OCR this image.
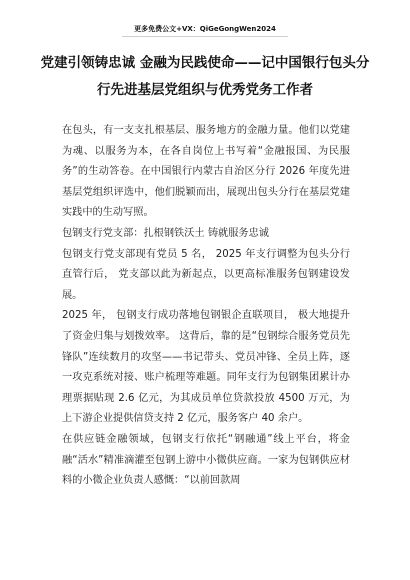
更多免费公文+VX：QiGeGongWen2024
党建引领铸忠诚 金融为民践使命——记中国银行包头分行先进基层党组织与优秀党务工作者

在包头，有一支支扎根基层、服务地方的金融力量。他们以党建为魂、以服务为本，在各自岗位上书写着“金融报国、为民服务”的生动答卷。在中国银行内蒙古自治区分行 2026 年度先进基层党组织评选中，他们脱颖而出，展现出包头分行在基层党建实践中的生动写照。

包钢支行党支部：扎根钢铁沃土 铸就服务忠诚

包钢支行党支部现有党员 5 名， 2025 年支行调整为包头分行直管行后， 党支部以此为新起点，以更高标准服务包钢建设发展。

2025 年， 包钢支行成功落地包钢银企直联项目， 极大地提升了资金归集与划拨效率。 这背后，靠的是“包钢综合服务党员先锋队”连续数月的攻坚——书记带头、党员冲锋、全员上阵，逐一攻克系统对接、账户梳理等难题。同年支行为包钢集团累计办理票据贴现 2.6 亿元，为其成员单位贷款投放 4500 万元，为上下游企业提供信贷支持 2 亿元，服务客户 40 余户。

在供应链金融领域，包钢支行依托“钢融通”线上平台，将金融“活水”精准滴灌至包钢上游中小微供应商。一家为包钢供应材料的小微企业负责人感慨：“以前回款周
